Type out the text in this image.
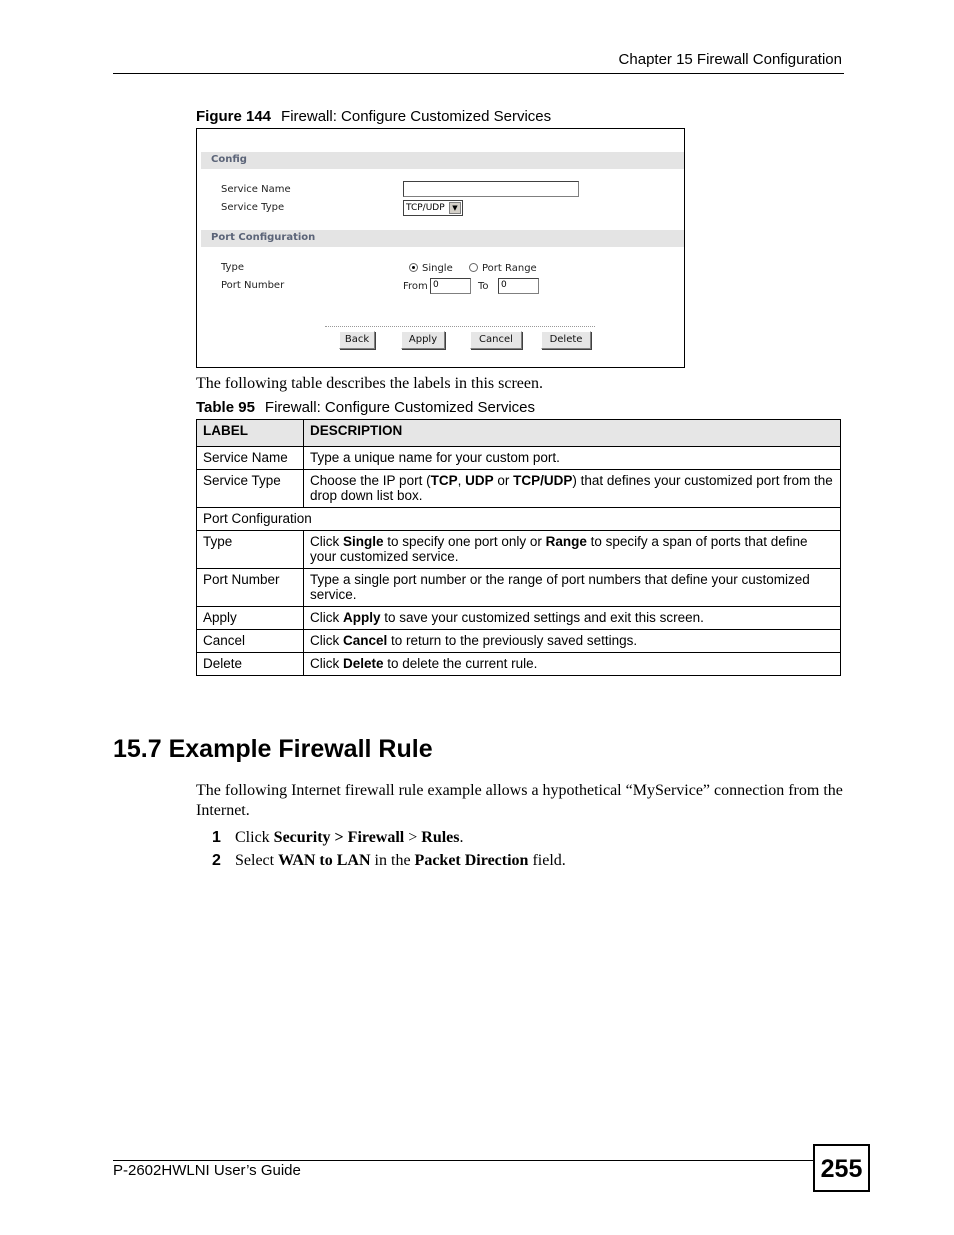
Chapter 15 Firewall Configuration
Figure 144 Firewall: Configure Customized Services
Config
Service Name
Service Type	TCP/UDP	▼
Port Configuration
Type	Single	Port Range
Port Number	From 0	To	0
Back	Apply	Cancel	Delete
The following table describes the labels in this screen.
Table 95 Firewall: Configure Customized Services
LABEL	DESCRIPTION
Service Name	Type a unique name for your custom port.
Service Type	Choose the IP port (TCP, UDP or TCP/UDP) that defines your customized port from the drop down list box.
Port Configuration	
Type	Click Single to specify one port only or Range to specify a span of ports that define your customized service.
Port Number	Type a single port number or the range of port numbers that define your customized service.
Apply	Click Apply to save your customized settings and exit this screen.
Cancel	Click Cancel to return to the previously saved settings.
Delete	Click Delete to delete the current rule.
15.7 Example Firewall Rule

The following Internet firewall rule example allows a hypothetical “MyService” connection from the Internet.

1 Click Security > Firewall > Rules.
2 Select WAN to LAN in the Packet Direction field.
P-2602HWLNI User’s Guide	255
